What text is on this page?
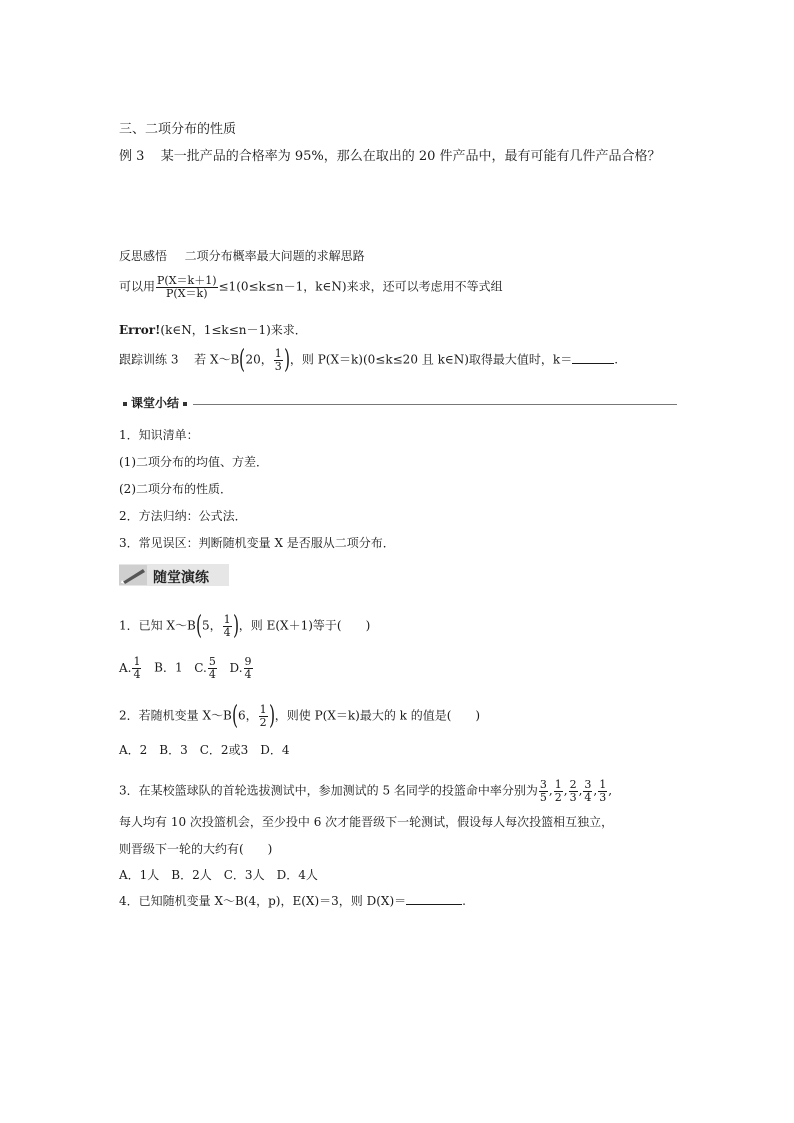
三、二项分布的性质
例 3 某一批产品的合格率为 95%，那么在取出的 20 件产品中，最有可能有几件产品合格？
反思感悟 二项分布概率最大问题的求解思路
可以用 $\frac{P(X=k+1)}{P(X=k)} \le 1(0\le k\le n-1$，k∈N)来求，还可以考虑用不等式组
Error!(k∈N，1≤k≤n－1)来求．
跟踪训练 3 若 X～B(20， $\frac{1}{3}$ )，则 P(X＝k)(0≤k≤20 且 k∈N)取得最大值时，k＝	.
课堂小结
1．知识清单：
(1)二项分布的均值、方差．
(2)二项分布的性质．
2．方法归纳：公式法．
3．常见误区：判断随机变量 X 是否服从二项分布．
随堂演练
1．已知 X～B(5， $\frac{1}{4}$ )，则 E(X＋1)等于(　　)
A. $\frac{1}{4}$ B．1 C. $\frac{5}{4} D$. $\frac{9}{4}$
2．若随机变量 X～B(6， $\frac{1}{2}$ )，则使 P(X＝k)最大的 k 的值是(　　)
A．2　B．3　C．2或3　D．4
3．在某校篮球队的首轮选拔测试中，参加测试的 5 名同学的投篮命中率分别为 $\frac{3}{5}$ , $\frac{1}{2}$ , $\frac{2}{3}$ , $\frac{3}{4}$ , $\frac{1}{3}$ ,
每人均有 10 次投篮机会，至少投中 6 次才能晋级下一轮测试，假设每人每次投篮相互独立，
则晋级下一轮的大约有(　　)
A．1人　B．2人　C．3人　D．4人
4．已知随机变量 X～B(4，p)，E(X)＝3，则 D(X)＝	.
